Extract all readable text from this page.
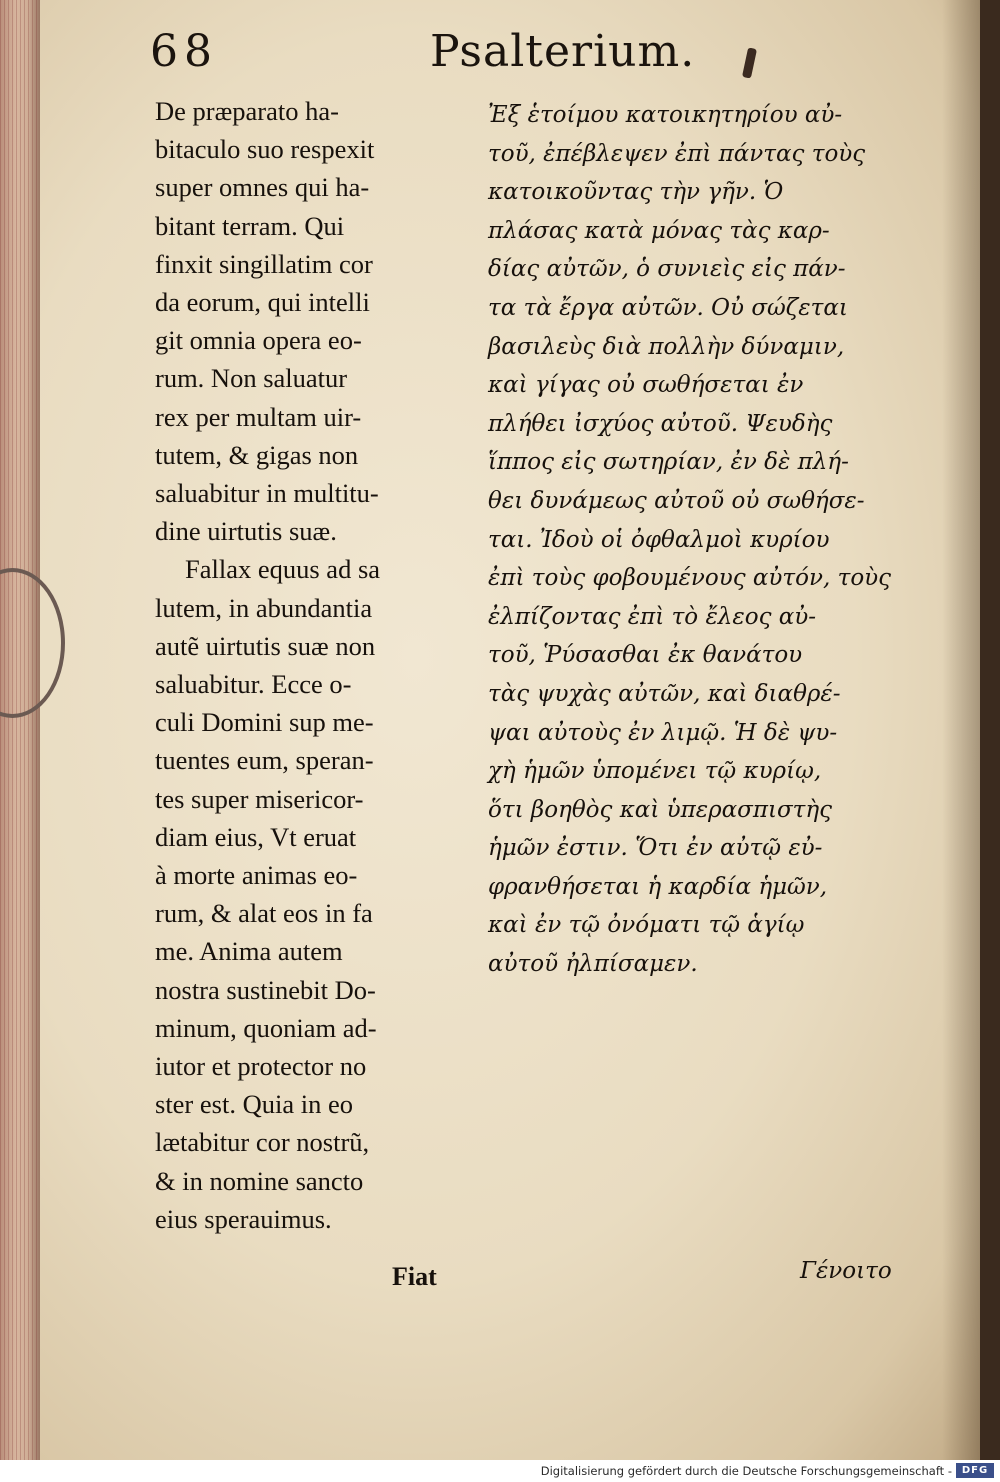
68	Psalterium.
De præparato ha-
bitaculo suo respexit
super omnes qui ha-
bitant terram. Qui
finxit singillatim cor
da eorum, qui intelli
git omnia opera eo-
rum. Non saluatur
rex per multam uir-
tutem, & gigas non
saluabitur in multitu-
dine uirtutis suæ.
Fallax equus ad sa
lutem, in abundantia
autẽ uirtutis suæ non
saluabitur. Ecce o-
culi Domini sup me-
tuentes eum, speran-
tes super misericor-
diam eius, Vt eruat
à morte animas eo-
rum, & alat eos in fa
me. Anima autem
nostra sustinebit Do-
minum, quoniam ad-
iutor et protector no
ster est. Quia in eo
lætabitur cor nostrũ,
& in nomine sancto
eius sperauimus.
Fiat
Ἐξ ἑτοίμου κατοικητηρίου αὐ-
τοῦ, ἐπέβλεψεν ἐπὶ πάντας τοὺς
κατοικοῦντας τὴν γῆν. Ὁ
πλάσας κατὰ μόνας τὰς καρ-
δίας αὐτῶν, ὁ συνιεὶς εἰς πάν-
τα τὰ ἔργα αὐτῶν. Οὐ σώζεται
βασιλεὺς διὰ πολλὴν δύναμιν,
καὶ γίγας οὐ σωθήσεται ἐν
πλήθει ἰσχύος αὐτοῦ. Ψευδὴς
ἵππος εἰς σωτηρίαν, ἐν δὲ πλή-
θει δυνάμεως αὐτοῦ οὐ σωθήσε-
ται. Ἰδοὺ οἱ ὀφθαλμοὶ κυρίου
ἐπὶ τοὺς φοβουμένους αὐτόν, τοὺς
ἐλπίζοντας ἐπὶ τὸ ἔλεος αὐ-
τοῦ, Ῥύσασθαι ἐκ θανάτου
τὰς ψυχὰς αὐτῶν, καὶ διαθρέ-
ψαι αὐτοὺς ἐν λιμῷ. Ἡ δὲ ψυ-
χὴ ἡμῶν ὑπομένει τῷ κυρίῳ,
ὅτι βοηθὸς καὶ ὑπερασπιστὴς
ἡμῶν ἐστιν. Ὅτι ἐν αὐτῷ εὐ-
φρανθήσεται ἡ καρδία ἡμῶν,
καὶ ἐν τῷ ὀνόματι τῷ ἁγίῳ
αὐτοῦ ἠλπίσαμεν.
Γένοιτο
Digitalisierung gefördert durch die Deutsche Forschungsgemeinschaft - DFG
